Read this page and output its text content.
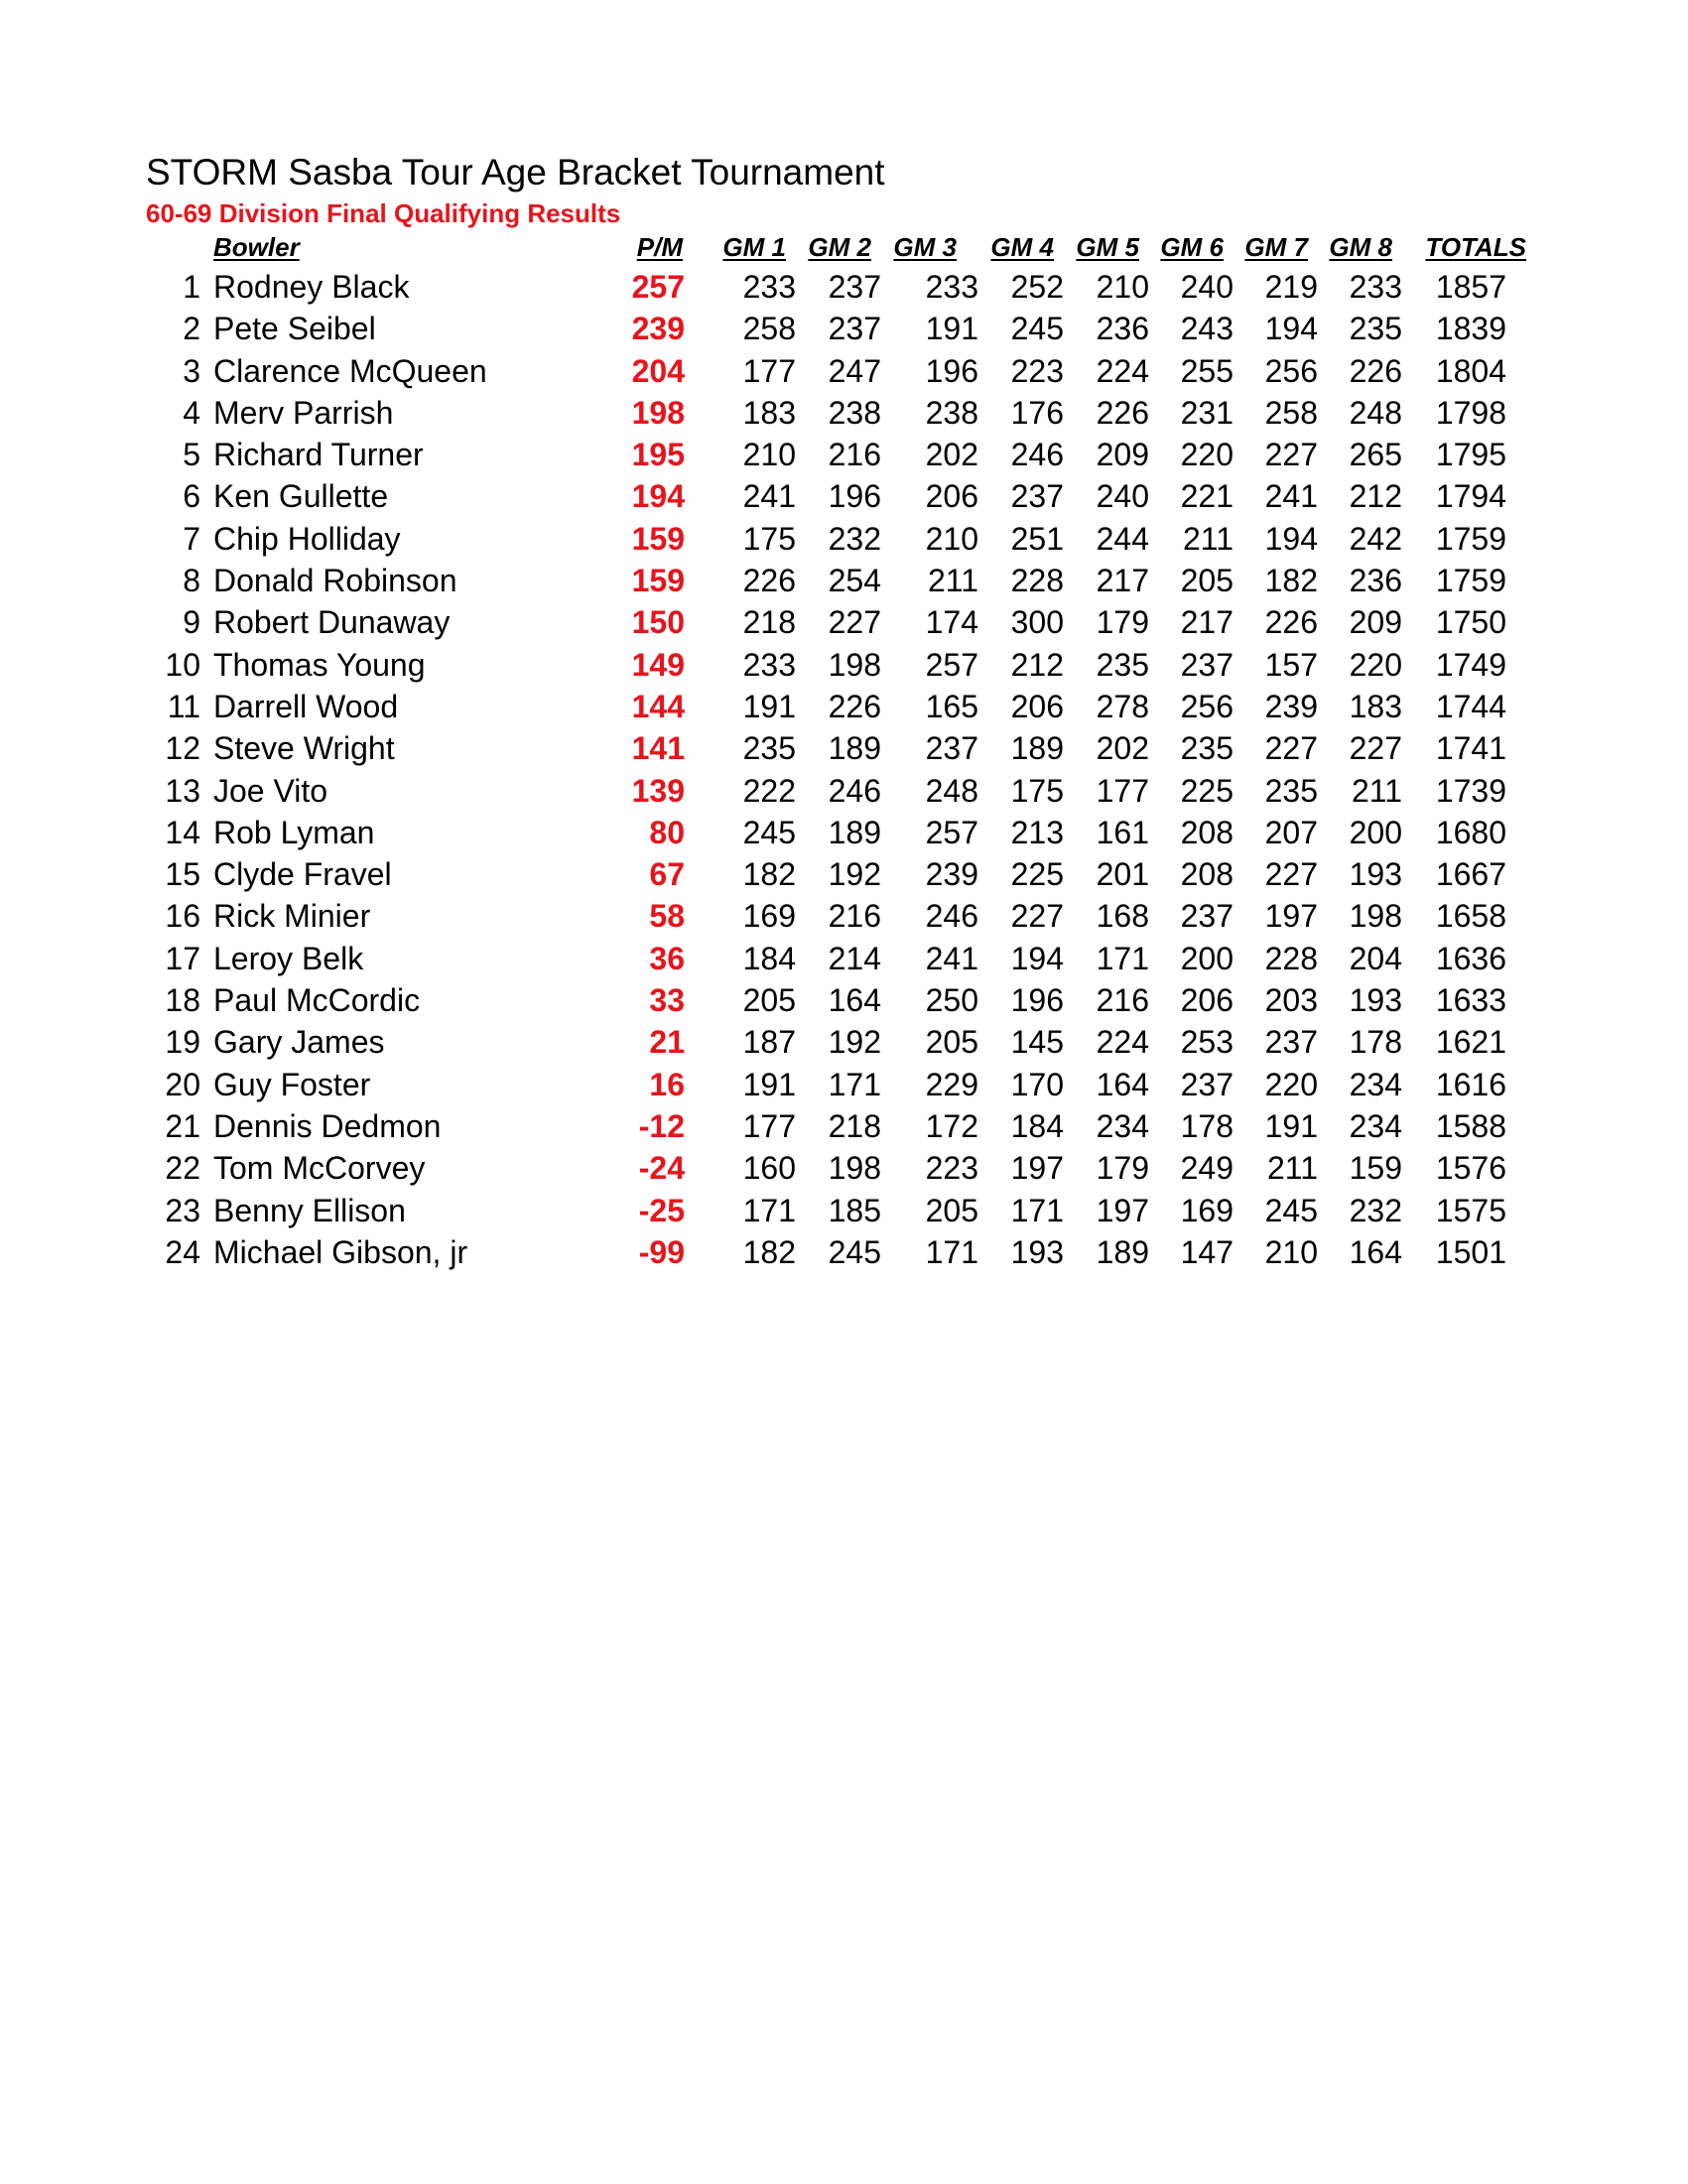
STORM Sasba Tour Age Bracket Tournament
60-69 Division Final Qualifying Results
Bowler	P/M	GM 1 GM 2 GM 3	GM 4 GM 5 GM 6 GM 7 GM 8	TOTALS
1 Rodney Black	257	233	237	233	252	210 240 219 233	1857
2 Pete Seibel	239	258	237	191	245	236 243 194 235	1839
3 Clarence McQueen	204	177	247	196	223	224 255 256 226	1804
4 Merv Parrish	198	183	238	238	176	226 231 258 248	1798
5 Richard Turner	195	210	216	202	246	209 220 227 265	1795
6 Ken Gullette	194	241	196	206	237	240 221 241 212	1794
7 Chip Holliday	159	175	232	210	251	244	211 194 242	1759
8 Donald Robinson	159	226	254	211	228	217 205 182 236	1759
9 Robert Dunaway	150	218	227	174	300	179 217 226 209	1750
10 Thomas Young	149	233	198	257	212	235 237 157 220	1749
11 Darrell Wood	144	191	226	165	206	278 256 239 183	1744
12 Steve Wright	141	235	189	237	189	202 235 227 227	1741
13 Joe Vito	139	222	246	248	175	177 225 235	211	1739
14 Rob Lyman	80	245	189	257	213	161 208 207 200	1680
15 Clyde Fravel	67	182	192	239	225	201 208 227 193	1667
16 Rick Minier	58	169	216	246	227	168 237 197 198	1658
17 Leroy Belk	36	184	214	241	194	171 200 228 204	1636
18 Paul McCordic	33	205	164	250	196	216 206 203 193	1633
19 Gary James	21	187	192	205	145	224 253 237 178	1621
20 Guy Foster	16	191	171	229	170	164 237 220 234	1616
21 Dennis Dedmon	-12	177	218	172	184	234 178 191 234	1588
22 Tom McCorvey	-24	160	198	223	197	179 249	211 159	1576
23 Benny Ellison	-25	171	185	205	171	197 169 245 232	1575
24 Michael Gibson, jr	-99	182	245	171	193	189 147 210 164	1501
